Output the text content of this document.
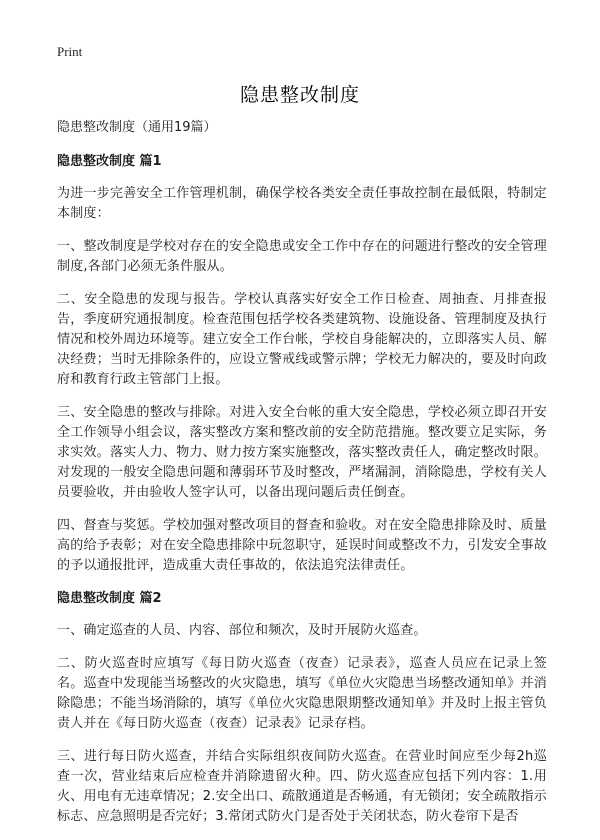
Print
隐患整改制度

隐患整改制度（通用19篇）

隐患整改制度 篇1

为进一步完善安全工作管理机制，确保学校各类安全责任事故控制在最低限，特制定本制度：

一、整改制度是学校对存在的安全隐患或安全工作中存在的问题进行整改的安全管理制度,各部门必须无条件服从。

二、安全隐患的发现与报告。学校认真落实好安全工作日检查、周抽查、月排查报告，季度研究通报制度。检查范围包括学校各类建筑物、设施设备、管理制度及执行情况和校外周边环境等。建立安全工作台帐，学校自身能解决的，立即落实人员、解决经费；当时无排除条件的，应设立警戒线或警示牌；学校无力解决的，要及时向政府和教育行政主管部门上报。

三、安全隐患的整改与排除。对进入安全台帐的重大安全隐患，学校必须立即召开安全工作领导小组会议，落实整改方案和整改前的安全防范措施。整改要立足实际，务求实效。落实人力、物力、财力按方案实施整改，落实整改责任人，确定整改时限。对发现的一般安全隐患问题和薄弱环节及时整改，严堵漏洞，消除隐患，学校有关人员要验收，并由验收人签字认可，以备出现问题后责任倒查。

四、督查与奖惩。学校加强对整改项目的督查和验收。对在安全隐患排除及时、质量高的给予表彰；对在安全隐患排除中玩忽职守，延误时间或整改不力，引发安全事故的予以通报批评，造成重大责任事故的，依法追究法律责任。

隐患整改制度 篇2

一、确定巡查的人员、内容、部位和频次，及时开展防火巡查。

二、防火巡查时应填写《每日防火巡查（夜查）记录表》，巡查人员应在记录上签名。巡查中发现能当场整改的火灾隐患，填写《单位火灾隐患当场整改通知单》并消除隐患；不能当场消除的，填写《单位火灾隐患限期整改通知单》并及时上报主管负责人并在《每日防火巡查（夜查）记录表》记录存档。

三、进行每日防火巡查，并结合实际组织夜间防火巡查。在营业时间应至少每2h巡查一次，营业结束后应检查并消除遗留火种。四、防火巡查应包括下列内容：1.用火、用电有无违章情况；2.安全出口、疏散通道是否畅通，有无锁闭；安全疏散指示标志、应急照明是否完好；3.常闭式防火门是否处于关闭状态，防火卷帘下是否
